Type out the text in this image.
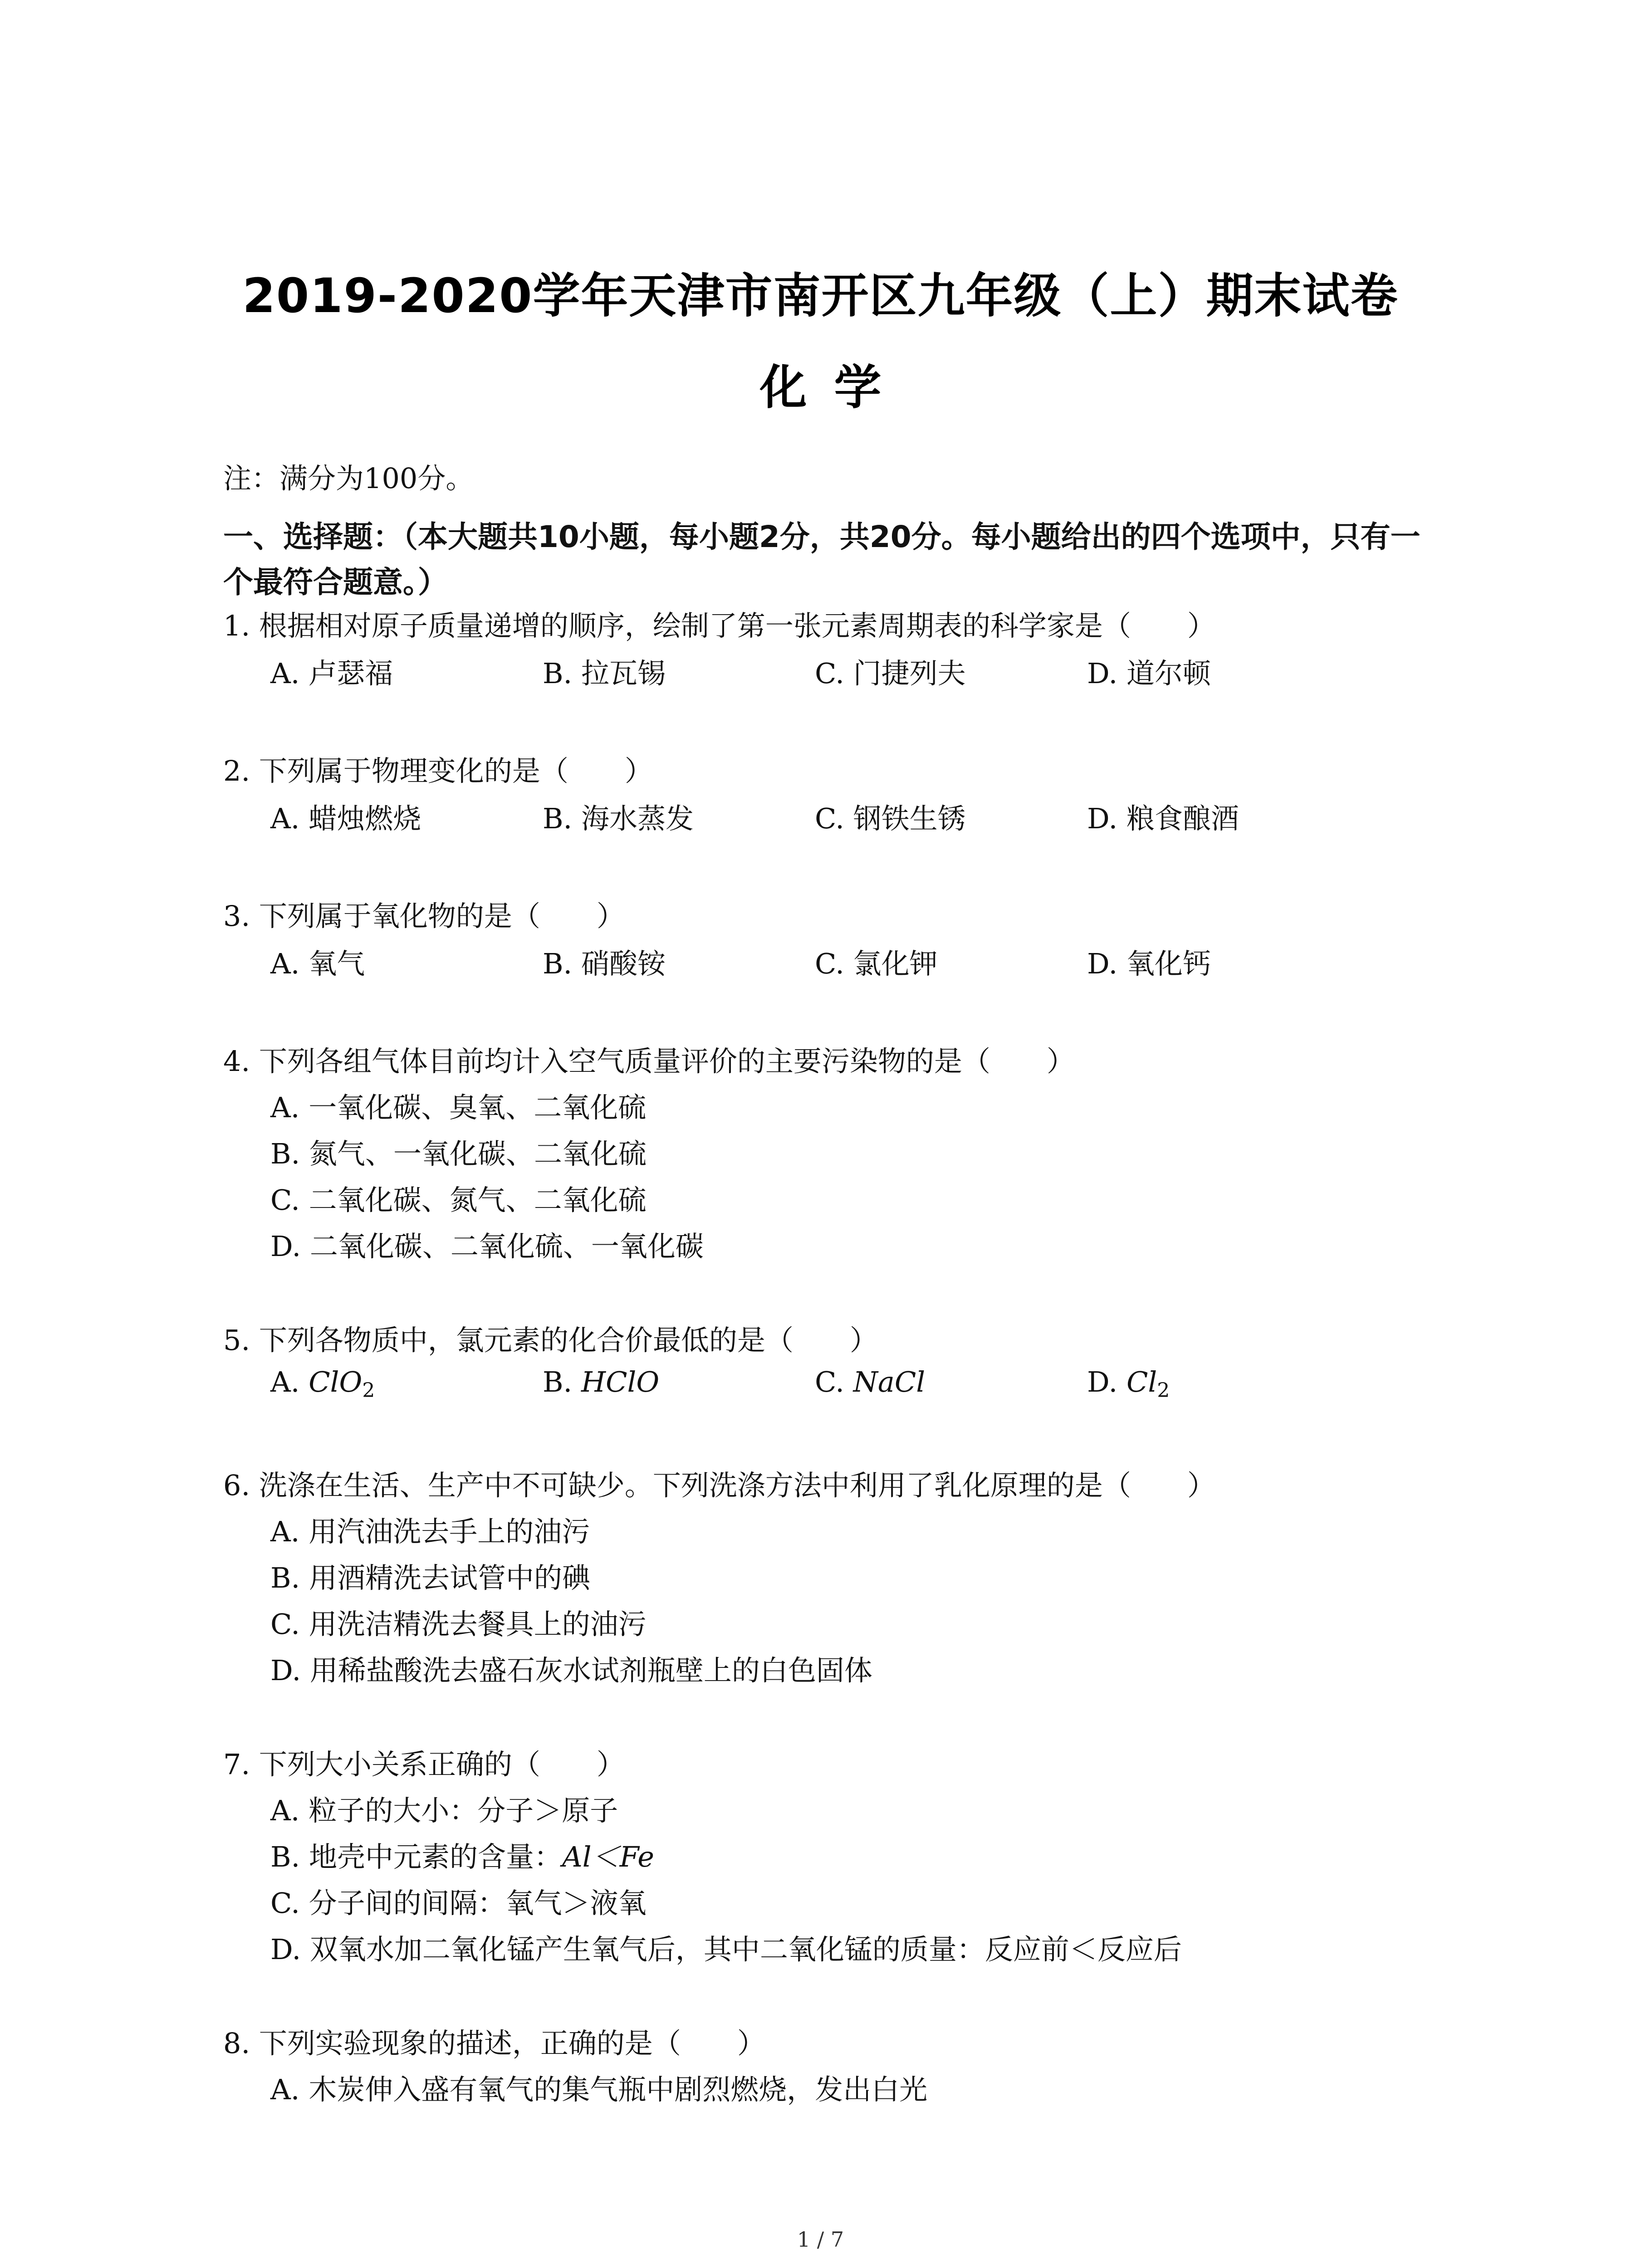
2019-2020学年天津市南开区九年级（上）期末试卷
化学
注：满分为100分。
一、选择题：（本大题共10小题，每小题2分，共20分。每小题给出的四个选项中，只有一
个最符合题意。）
1. 根据相对原子质量递增的顺序，绘制了第一张元素周期表的科学家是（　　）
A. 卢瑟福	B. 拉瓦锡	C. 门捷列夫	D. 道尔顿
2. 下列属于物理变化的是（　　）
A. 蜡烛燃烧	B. 海水蒸发	C. 钢铁生锈	D. 粮食酿酒
3. 下列属于氧化物的是（　　）
A. 氧气	B. 硝酸铵	C. 氯化钾	D. 氧化钙
4. 下列各组气体目前均计入空气质量评价的主要污染物的是（　　）
A. 一氧化碳、臭氧、二氧化硫
B. 氮气、一氧化碳、二氧化硫
C. 二氧化碳、氮气、二氧化硫
D. 二氧化碳、二氧化硫、一氧化碳
5. 下列各物质中，氯元素的化合价最低的是（　　）
A. ClO$_2$	B. HClO	C. NaCl	D. $Cl_2$
6. 洗涤在生活、生产中不可缺少。下列洗涤方法中利用了乳化原理的是（　　）
A. 用汽油洗去手上的油污
B. 用酒精洗去试管中的碘
C. 用洗洁精洗去餐具上的油污
D. 用稀盐酸洗去盛石灰水试剂瓶壁上的白色固体
7. 下列大小关系正确的（　　）
A. 粒子的大小：分子＞原子
B. 地壳中元素的含量：Al＜Fe
C. 分子间的间隔：氧气＞液氧
D. 双氧水加二氧化锰产生氧气后，其中二氧化锰的质量：反应前＜反应后
8. 下列实验现象的描述，正确的是（　　）
A. 木炭伸入盛有氧气的集气瓶中剧烈燃烧，发出白光
1 / 7
